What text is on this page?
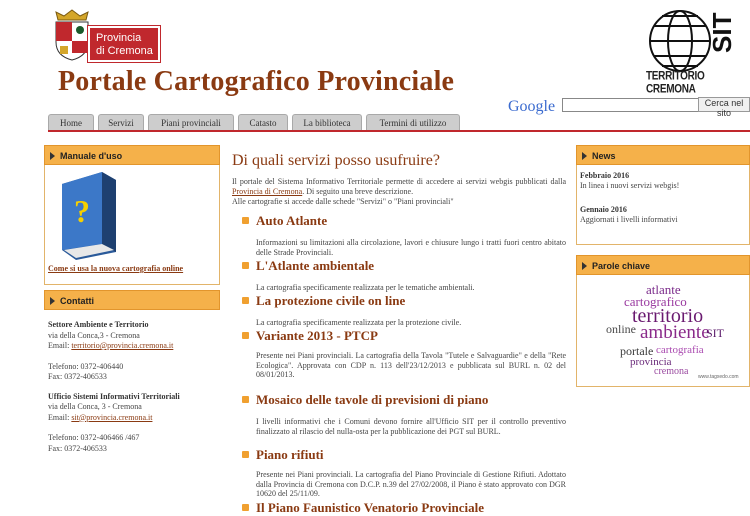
Provincia
di Cremona	SIT
TERRITORIO CREMONA
Portale Cartografico Provinciale
Google	Cerca nel sito
Home	Servizi	Piani provinciali	Catasto	La biblioteca	Termini di utilizzo
Manuale d'uso
?
Come si usa la nuova cartografia online
Contatti
Settore Ambiente e Territorio
via della Conca,3 - Cremona
Email: territorio@provincia.cremona.it
Telefono: 0372-406440
Fax: 0372-406533
Ufficio Sistemi Informativi Territoriali
via della Conca, 3 - Cremona
Email: sit@provincia.cremona.it
Telefono: 0372-406466 /467
Fax: 0372-406533
Di quali servizi posso usufruire?
Il portale del Sistema Informativo Territoriale permette di accedere ai servizi webgis pubblicati dalla Provincia di Cremona. Di seguito una breve descrizione.
Alle cartografie si accede dalle schede "Servizi" o "Piani provinciali"
Auto Atlante
Informazioni su limitazioni alla circolazione, lavori e chiusure lungo i tratti fuori centro abitato delle Strade Provinciali.
L'Atlante ambientale
La cartografia specificamente realizzata per le tematiche ambientali.
La protezione civile on line
La cartografia specificamente realizzata per la protezione civile.
Variante 2013 - PTCP
Presente nei Piani provinciali. La cartografia della Tavola "Tutele e Salvaguardie" e della "Rete Ecologica". Approvata con CDP n. 113 dell'23/12/2013 e pubblicata sul BURL n. 02 del 08/01/2013.
Mosaico delle tavole di previsioni di piano
I livelli informativi che i Comuni devono fornire all'Ufficio SIT per il controllo preventivo finalizzato al rilascio del nulla-osta per la pubblicazione dei PGT sul BURL.
Piano rifiuti
Presente nei Piani provinciali. La cartografia del Piano Provinciale di Gestione Rifiuti. Adottato dalla Provincia di Cremona con D.C.P. n.39 del 27/02/2008, il Piano è stato approvato con DGR 10620 del 25/11/09.
Il Piano Faunistico Venatorio Provinciale
News
Febbraio 2016
In linea i nuovi servizi webgis!
Gennaio 2016
Aggiornati i livelli informativi
Parole chiave
atlante
cartografico
territorio
online ambiente
SIT
portale cartografia
provincia
cremona www.tagxedo.com
